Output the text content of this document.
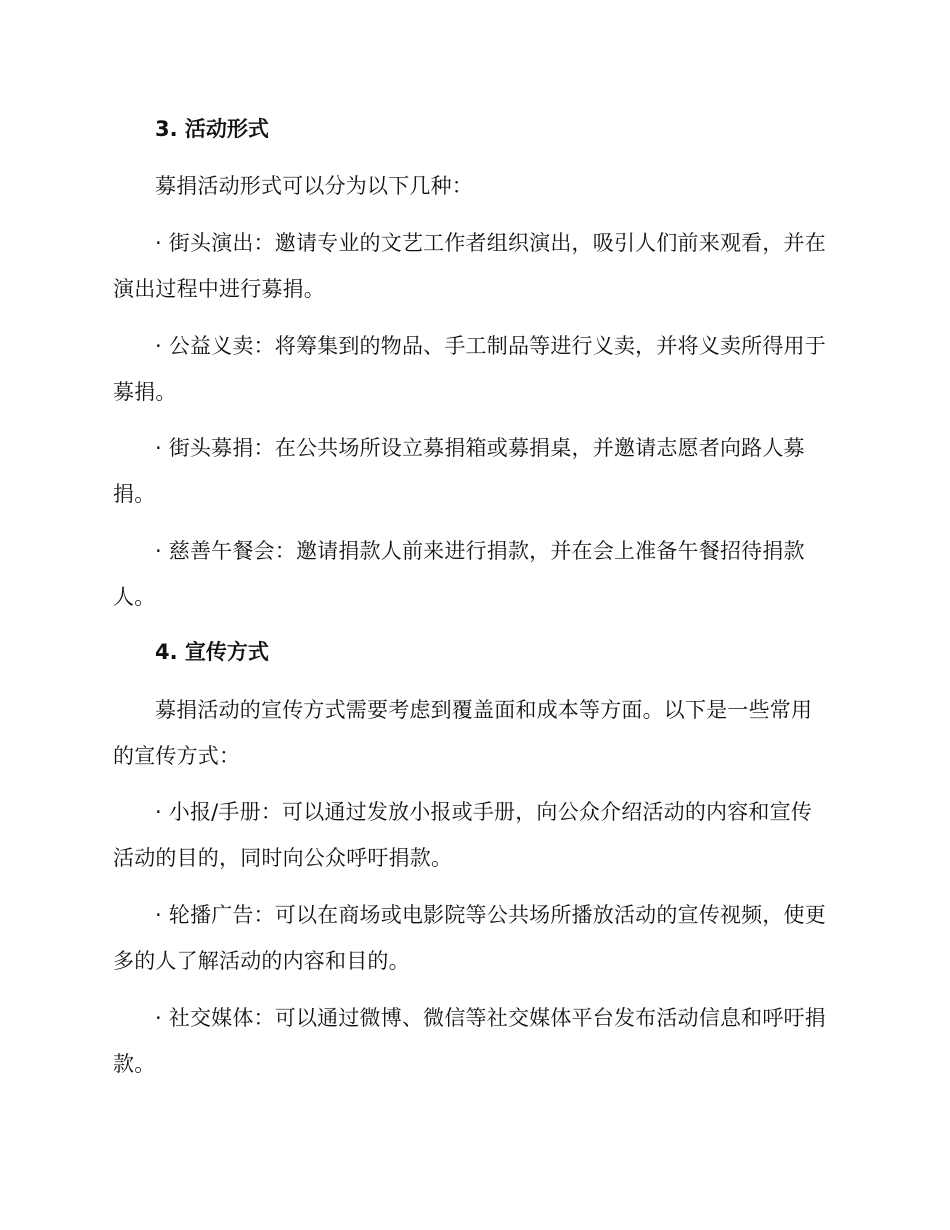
3. 活动形式
募捐活动形式可以分为以下几种：
· 街头演出：邀请专业的文艺工作者组织演出，吸引人们前来观看，并在演出过程中进行募捐。
· 公益义卖：将筹集到的物品、手工制品等进行义卖，并将义卖所得用于募捐。
· 街头募捐：在公共场所设立募捐箱或募捐桌，并邀请志愿者向路人募捐。
· 慈善午餐会：邀请捐款人前来进行捐款，并在会上准备午餐招待捐款人。
4. 宣传方式
募捐活动的宣传方式需要考虑到覆盖面和成本等方面。以下是一些常用的宣传方式：
· 小报/手册：可以通过发放小报或手册，向公众介绍活动的内容和宣传活动的目的，同时向公众呼吁捐款。
· 轮播广告：可以在商场或电影院等公共场所播放活动的宣传视频，使更多的人了解活动的内容和目的。
· 社交媒体：可以通过微博、微信等社交媒体平台发布活动信息和呼吁捐款。
